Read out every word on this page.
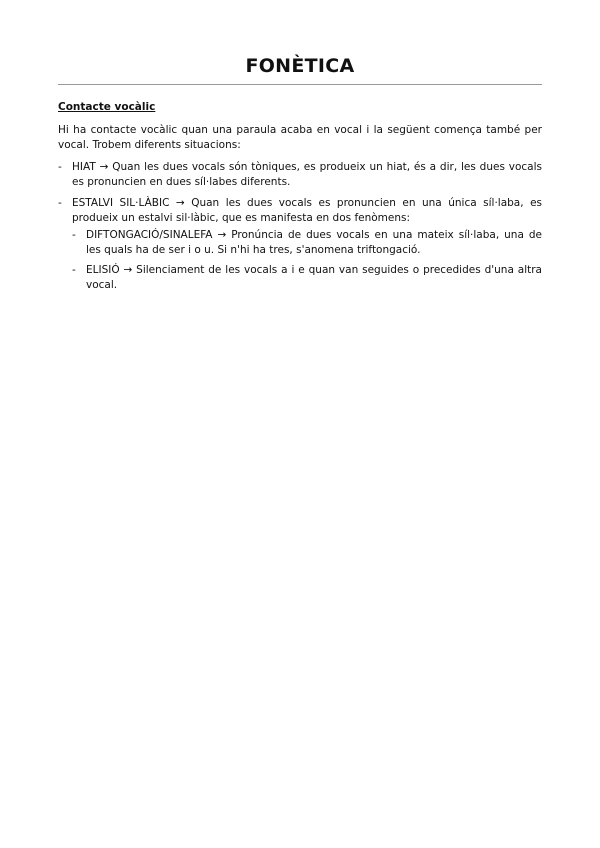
FONÈTICA

Contacte vocàlic

Hi ha contacte vocàlic quan una paraula acaba en vocal i la següent comença també per vocal. Trobem diferents situacions:

- HIAT → Quan les dues vocals són tòniques, es produeix un hiat, és a dir, les dues vocals es pronuncien en dues síl·labes diferents.
- ESTALVI SIL·LÀBIC → Quan les dues vocals es pronuncien en una única síl·laba, es produeix un estalvi sil·làbic, que es manifesta en dos fenòmens:
- DIFTONGACIÓ/SINALEFA → Pronúncia de dues vocals en una mateix síl·laba, una de les quals ha de ser i o u. Si n'hi ha tres, s'anomena triftongació.
- ELISIÓ → Silenciament de les vocals a i e quan van seguides o precedides d'una altra vocal.
